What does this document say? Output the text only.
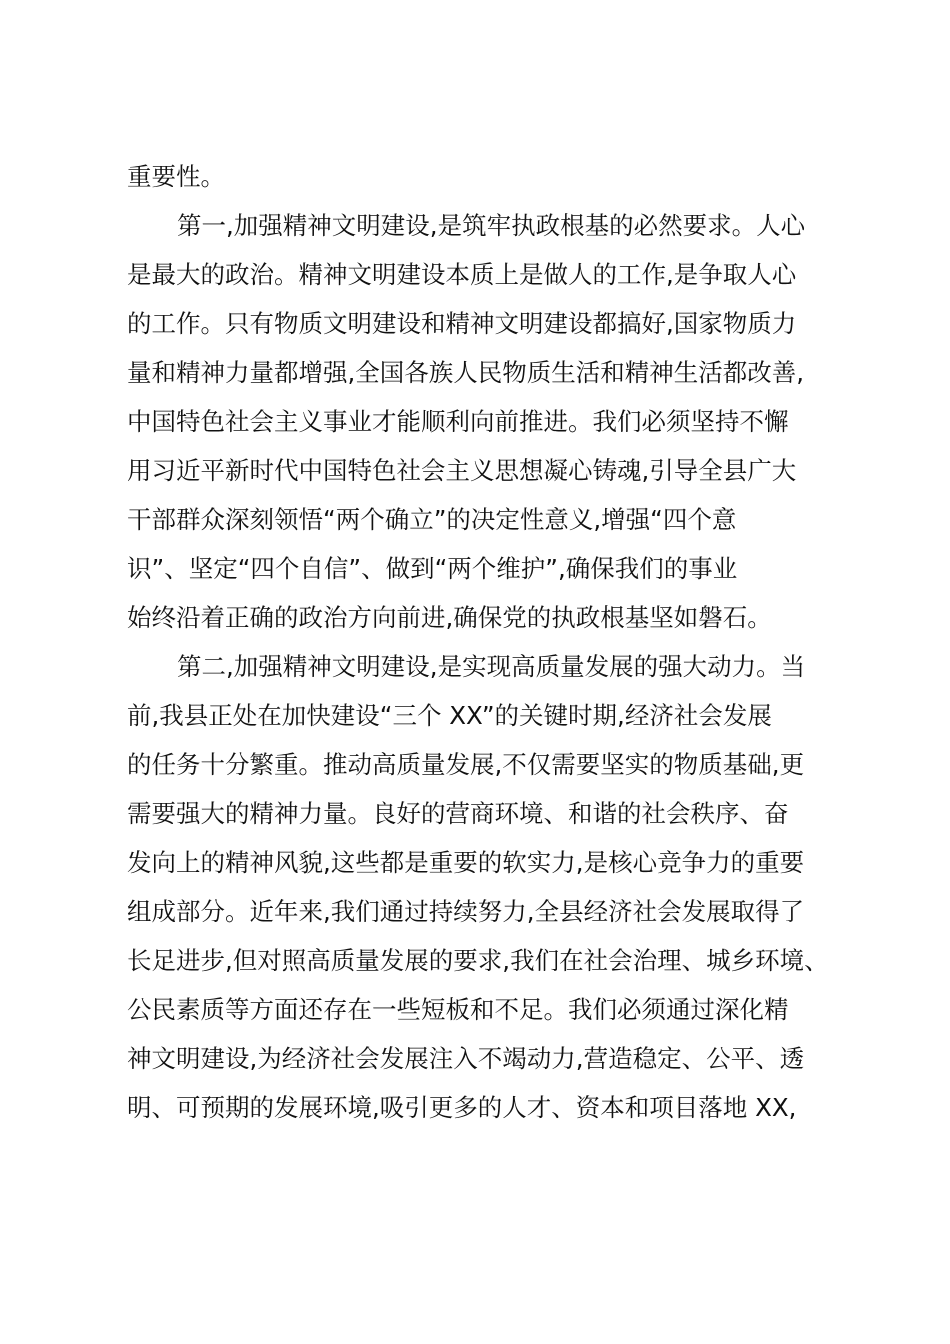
重要性。
第一,加强精神文明建设,是筑牢执政根基的必然要求。人心
是最大的政治。精神文明建设本质上是做人的工作,是争取人心
的工作。只有物质文明建设和精神文明建设都搞好,国家物质力
量和精神力量都增强,全国各族人民物质生活和精神生活都改善,
中国特色社会主义事业才能顺利向前推进。我们必须坚持不懈
用习近平新时代中国特色社会主义思想凝心铸魂,引导全县广大
干部群众深刻领悟“两个确立”的决定性意义,增强“四个意
识”、坚定“四个自信”、做到“两个维护”,确保我们的事业
始终沿着正确的政治方向前进,确保党的执政根基坚如磐石。
第二,加强精神文明建设,是实现高质量发展的强大动力。当
前,我县正处在加快建设“三个 XX”的关键时期,经济社会发展
的任务十分繁重。推动高质量发展,不仅需要坚实的物质基础,更
需要强大的精神力量。良好的营商环境、和谐的社会秩序、奋
发向上的精神风貌,这些都是重要的软实力,是核心竞争力的重要
组成部分。近年来,我们通过持续努力,全县经济社会发展取得了
长足进步,但对照高质量发展的要求,我们在社会治理、城乡环境、
公民素质等方面还存在一些短板和不足。我们必须通过深化精
神文明建设,为经济社会发展注入不竭动力,营造稳定、公平、透
明、可预期的发展环境,吸引更多的人才、资本和项目落地 XX,
